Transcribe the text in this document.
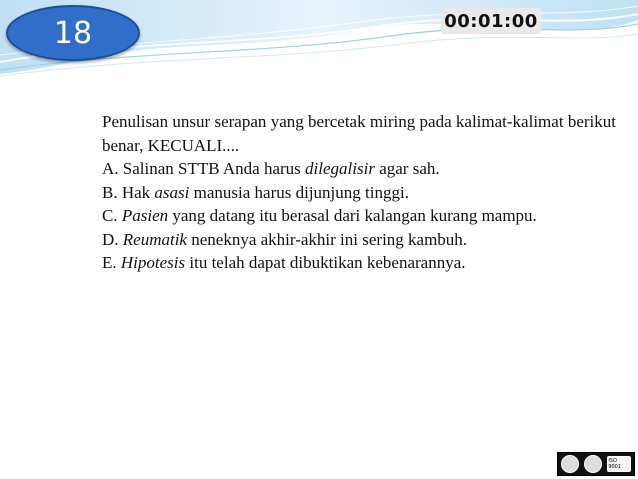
18	00:01:00

Penulisan unsur serapan yang bercetak miring pada kalimat-kalimat berikut benar, KECUALI....

A. Salinan STTB Anda harus dilegalisir agar sah.

B. Hak asasi manusia harus dijunjung tinggi.

C. Pasien yang datang itu berasal dari kalangan kurang mampu.

D. Reumatik neneknya akhir-akhir ini sering kambuh.

E. Hipotesis itu telah dapat dibuktikan kebenarannya.

ISO 9001
